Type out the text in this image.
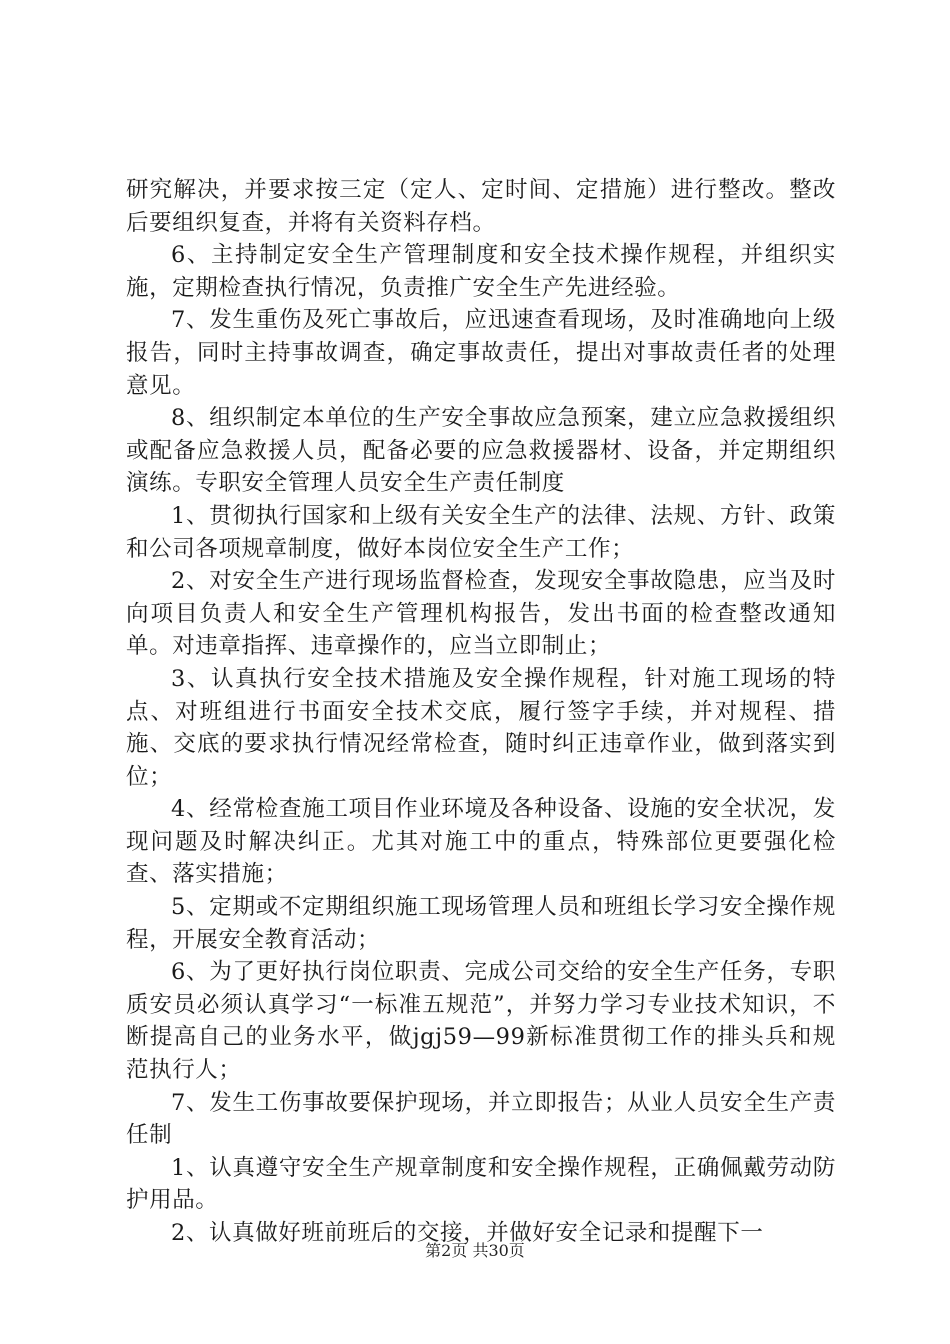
研究解决，并要求按三定（定人、定时间、定措施）进行整改。整改后要组织复查，并将有关资料存档。

6、主持制定安全生产管理制度和安全技术操作规程，并组织实施，定期检查执行情况，负责推广安全生产先进经验。

7、发生重伤及死亡事故后，应迅速查看现场，及时准确地向上级报告，同时主持事故调查，确定事故责任，提出对事故责任者的处理意见。

8、组织制定本单位的生产安全事故应急预案，建立应急救援组织或配备应急救援人员，配备必要的应急救援器材、设备，并定期组织演练。专职安全管理人员安全生产责任制度

1、贯彻执行国家和上级有关安全生产的法律、法规、方针、政策和公司各项规章制度，做好本岗位安全生产工作；

2、对安全生产进行现场监督检查，发现安全事故隐患，应当及时向项目负责人和安全生产管理机构报告，发出书面的检查整改通知单。对违章指挥、违章操作的，应当立即制止；

3、认真执行安全技术措施及安全操作规程，针对施工现场的特点、对班组进行书面安全技术交底，履行签字手续，并对规程、措施、交底的要求执行情况经常检查，随时纠正违章作业，做到落实到位；

4、经常检查施工项目作业环境及各种设备、设施的安全状况，发现问题及时解决纠正。尤其对施工中的重点，特殊部位更要强化检查、落实措施；

5、定期或不定期组织施工现场管理人员和班组长学习安全操作规程，开展安全教育活动；

6、为了更好执行岗位职责、完成公司交给的安全生产任务，专职质安员必须认真学习“一标准五规范”，并努力学习专业技术知识，不断提高自己的业务水平，做jgj59—99新标准贯彻工作的排头兵和规范执行人；

7、发生工伤事故要保护现场，并立即报告；从业人员安全生产责任制

1、认真遵守安全生产规章制度和安全操作规程，正确佩戴劳动防护用品。

2、认真做好班前班后的交接，并做好安全记录和提醒下一

第2页 共30页
